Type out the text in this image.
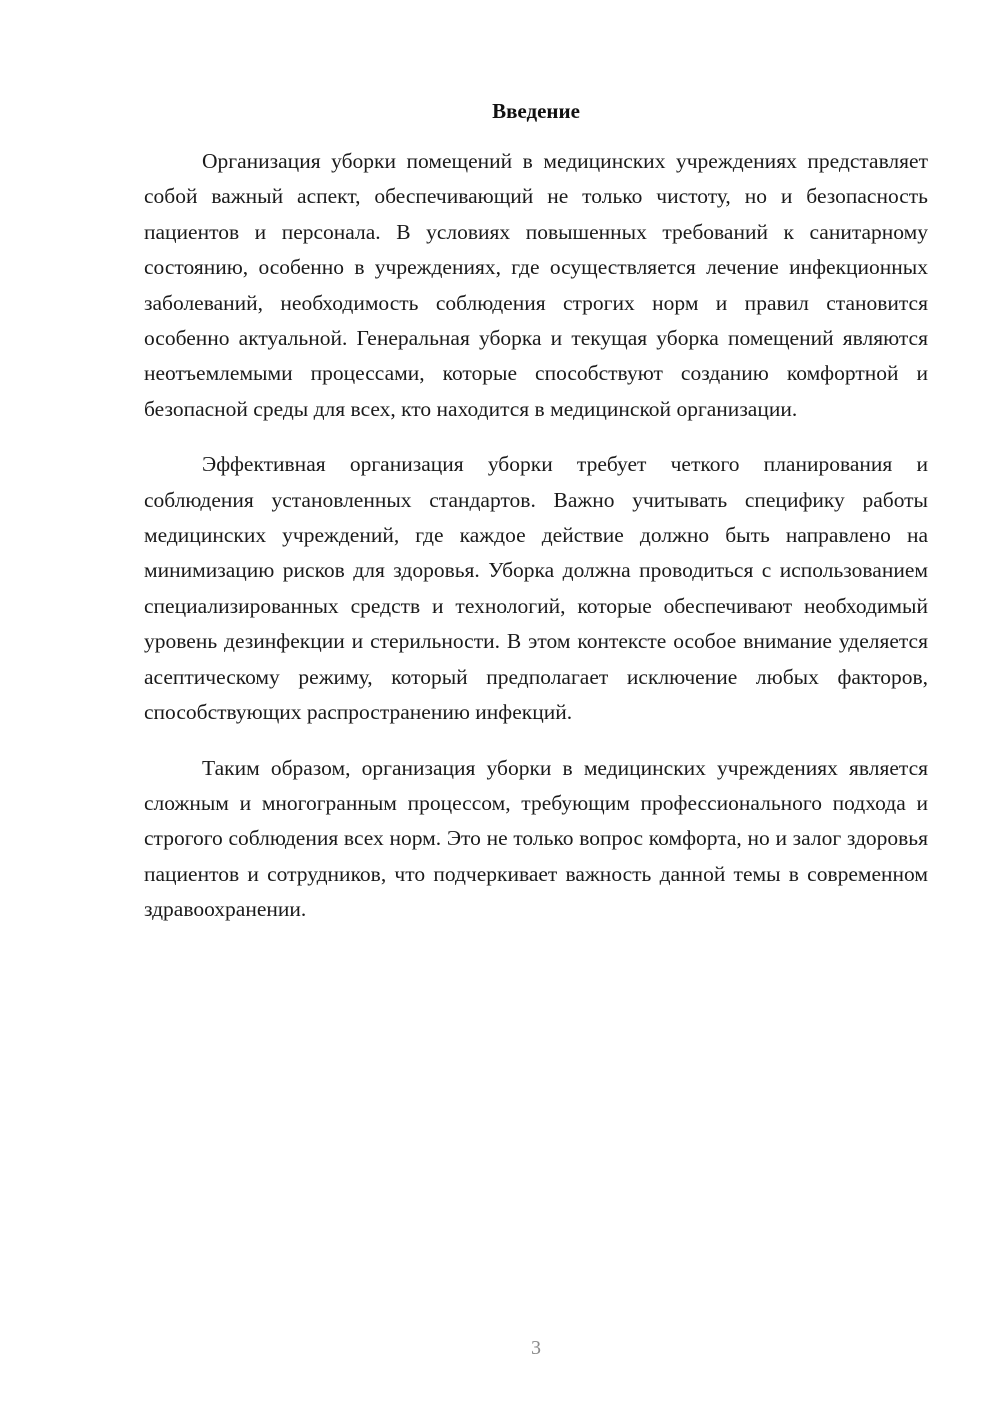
Введение

Организация уборки помещений в медицинских учреждениях представляет собой важный аспект, обеспечивающий не только чистоту, но и безопасность пациентов и персонала. В условиях повышенных требований к санитарному состоянию, особенно в учреждениях, где осуществляется лечение инфекционных заболеваний, необходимость соблюдения строгих норм и правил становится особенно актуальной. Генеральная уборка и текущая уборка помещений являются неотъемлемыми процессами, которые способствуют созданию комфортной и безопасной среды для всех, кто находится в медицинской организации.

Эффективная организация уборки требует четкого планирования и соблюдения установленных стандартов. Важно учитывать специфику работы медицинских учреждений, где каждое действие должно быть направлено на минимизацию рисков для здоровья. Уборка должна проводиться с использованием специализированных средств и технологий, которые обеспечивают необходимый уровень дезинфекции и стерильности. В этом контексте особое внимание уделяется асептическому режиму, который предполагает исключение любых факторов, способствующих распространению инфекций.

Таким образом, организация уборки в медицинских учреждениях является сложным и многогранным процессом, требующим профессионального подхода и строгого соблюдения всех норм. Это не только вопрос комфорта, но и залог здоровья пациентов и сотрудников, что подчеркивает важность данной темы в современном здравоохранении.

3
